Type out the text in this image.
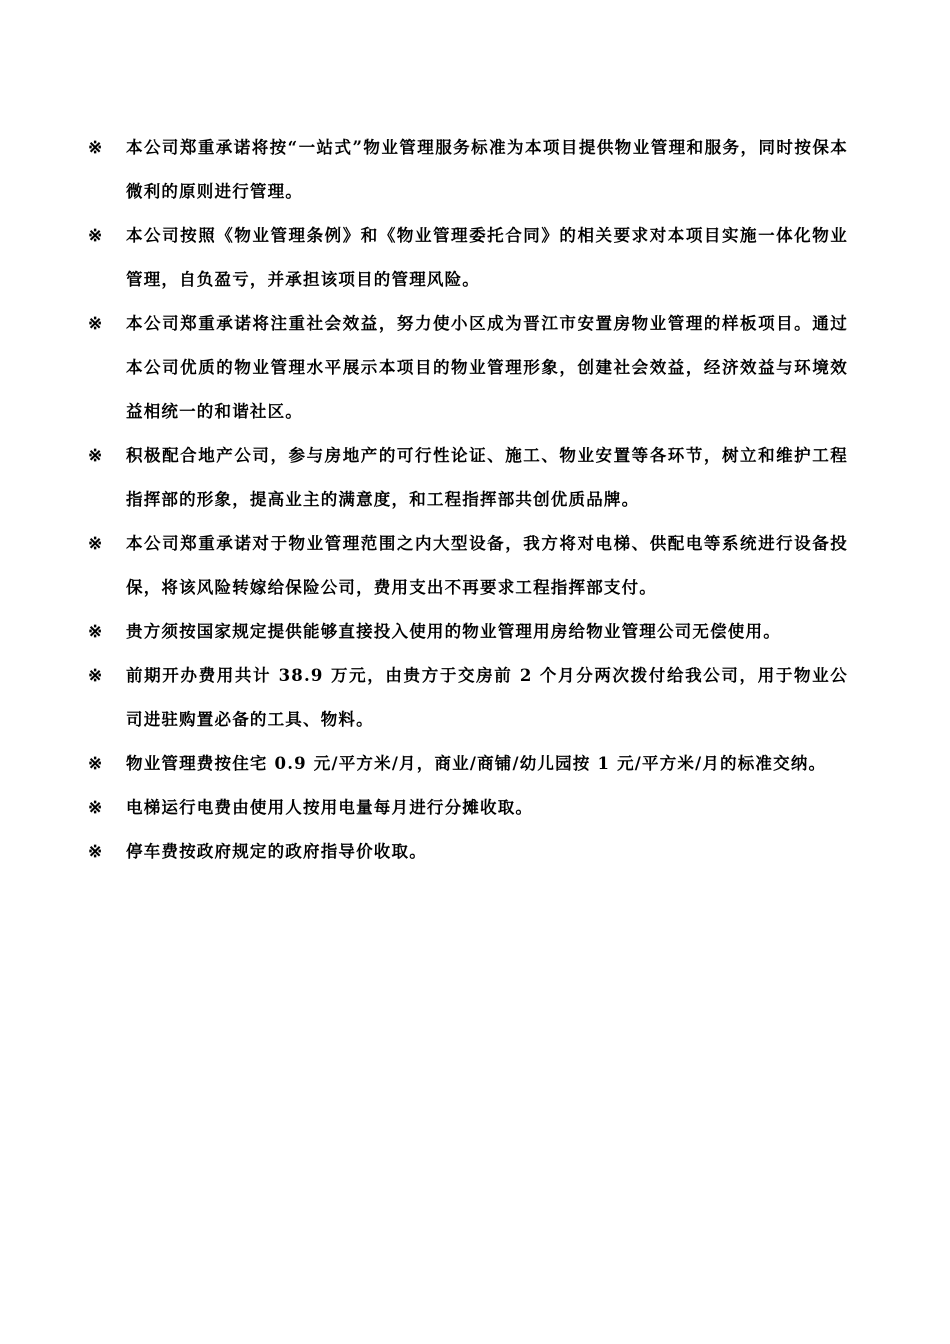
※	本公司郑重承诺将按“一站式”物业管理服务标准为本项目提供物业管理和服务，同时按保本微利的原则进行管理。
※	本公司按照《物业管理条例》和《物业管理委托合同》的相关要求对本项目实施一体化物业管理，自负盈亏，并承担该项目的管理风险。
※	本公司郑重承诺将注重社会效益，努力使小区成为晋江市安置房物业管理的样板项目。通过本公司优质的物业管理水平展示本项目的物业管理形象，创建社会效益，经济效益与环境效益相统一的和谐社区。
※	积极配合地产公司，参与房地产的可行性论证、施工、物业安置等各环节，树立和维护工程指挥部的形象，提高业主的满意度，和工程指挥部共创优质品牌。
※	本公司郑重承诺对于物业管理范围之内大型设备，我方将对电梯、供配电等系统进行设备投保，将该风险转嫁给保险公司，费用支出不再要求工程指挥部支付。
※	贵方须按国家规定提供能够直接投入使用的物业管理用房给物业管理公司无偿使用。
※	前期开办费用共计 38.9 万元，由贵方于交房前 2 个月分两次拨付给我公司，用于物业公司进驻购置必备的工具、物料。
※	物业管理费按住宅 0.9 元/平方米/月，商业/商铺/幼儿园按 1 元/平方米/月的标准交纳。
※	电梯运行电费由使用人按用电量每月进行分摊收取。
※	停车费按政府规定的政府指导价收取。
